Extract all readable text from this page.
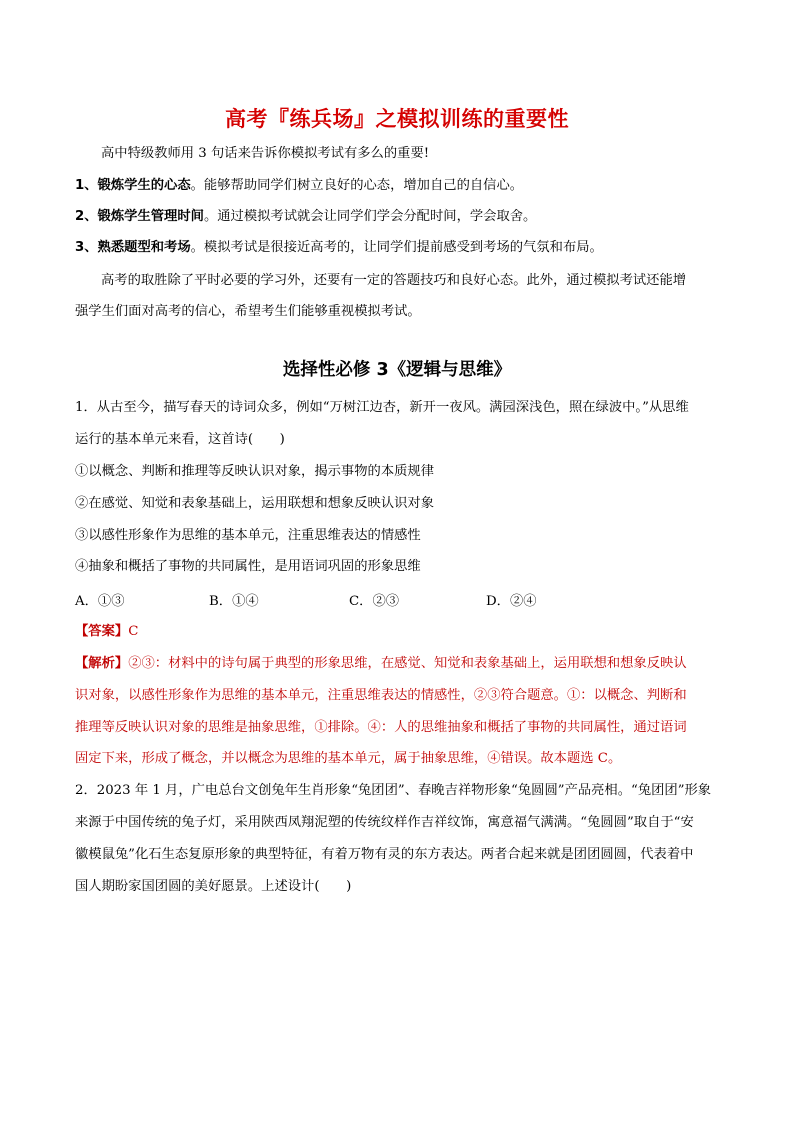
高考『练兵场』之模拟训练的重要性
高中特级教师用 3 句话来告诉你模拟考试有多么的重要!
1、锻炼学生的心态。能够帮助同学们树立良好的心态，增加自己的自信心。
2、锻炼学生管理时间。通过模拟考试就会让同学们学会分配时间，学会取舍。
3、熟悉题型和考场。模拟考试是很接近高考的，让同学们提前感受到考场的气氛和布局。
高考的取胜除了平时必要的学习外，还要有一定的答题技巧和良好心态。此外，通过模拟考试还能增
强学生们面对高考的信心，希望考生们能够重视模拟考试。
选择性必修 3《逻辑与思维》
1．从古至今，描写春天的诗词众多，例如“万树江边杏，新开一夜风。满园深浅色，照在绿波中。”从思维
运行的基本单元来看，这首诗(　　)
①以概念、判断和推理等反映认识对象，揭示事物的本质规律
②在感觉、知觉和表象基础上，运用联想和想象反映认识对象
③以感性形象作为思维的基本单元，注重思维表达的情感性
④抽象和概括了事物的共同属性，是用语词巩固的形象思维
A．①③	B．①④	C．②③	D．②④
【答案】C
【解析】②③：材料中的诗句属于典型的形象思维，在感觉、知觉和表象基础上，运用联想和想象反映认
识对象，以感性形象作为思维的基本单元，注重思维表达的情感性，②③符合题意。①：以概念、判断和
推理等反映认识对象的思维是抽象思维，①排除。④：人的思维抽象和概括了事物的共同属性，通过语词
固定下来，形成了概念，并以概念为思维的基本单元，属于抽象思维，④错误。故本题选 C。
2．2023 年 1 月，广电总台文创兔年生肖形象“兔团团”、春晚吉祥物形象“兔圆圆”产品亮相。“兔团团”形象
来源于中国传统的兔子灯，采用陕西凤翔泥塑的传统纹样作吉祥纹饰，寓意福气满满。“兔圆圆”取自于“安
徽模鼠兔”化石生态复原形象的典型特征，有着万物有灵的东方表达。两者合起来就是团团圆圆，代表着中
国人期盼家国团圆的美好愿景。上述设计(　　)
